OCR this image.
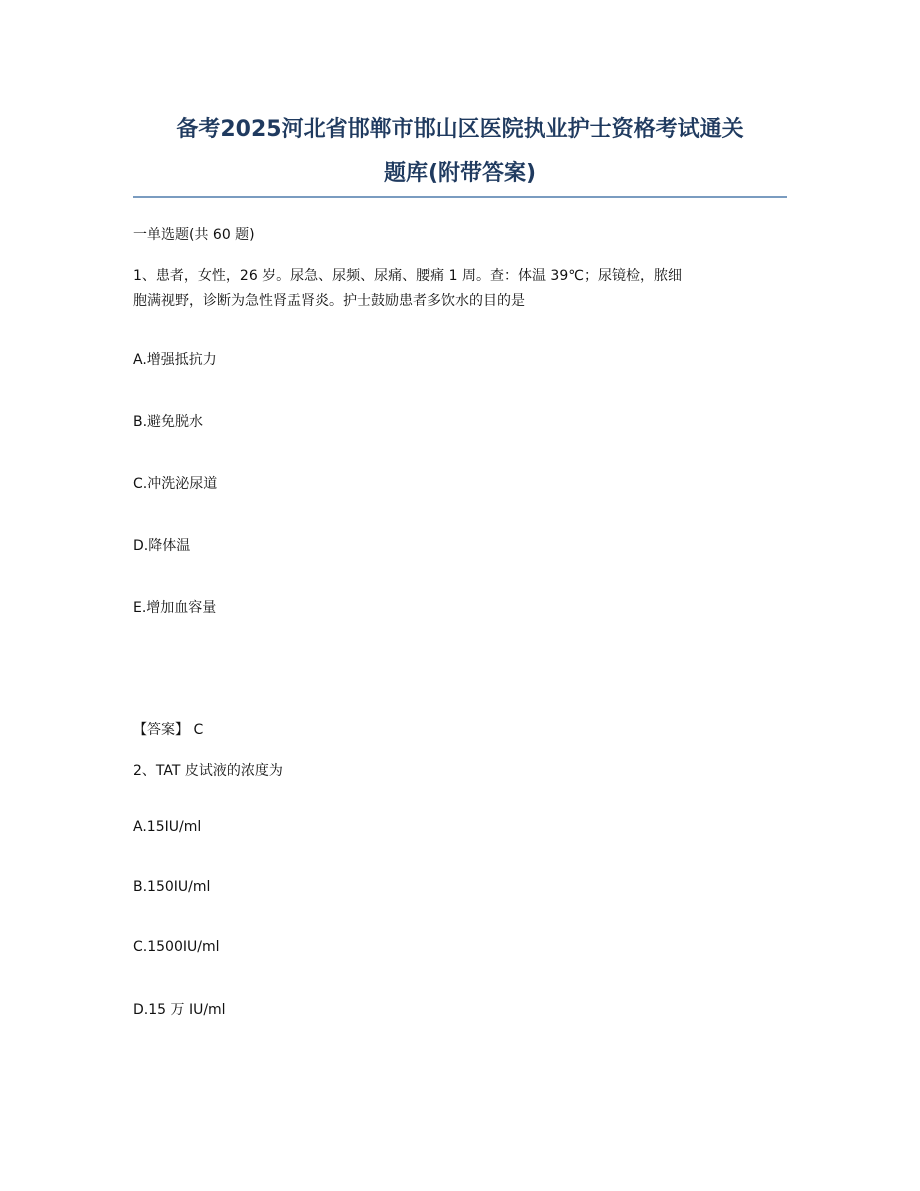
备考2025河北省邯郸市邯山区医院执业护士资格考试通关
题库(附带答案)
一单选题(共 60 题)
1、患者，女性，26 岁。尿急、尿频、尿痛、腰痛 1 周。查：体温 39℃；尿镜检，脓细
胞满视野，诊断为急性肾盂肾炎。护士鼓励患者多饮水的目的是
A.增强抵抗力
B.避免脱水
C.冲洗泌尿道
D.降体温
E.增加血容量
【答案】 C
2、TAT 皮试液的浓度为
A.15IU/ml
B.150IU/ml
C.1500IU/ml
D.15 万 IU/ml
